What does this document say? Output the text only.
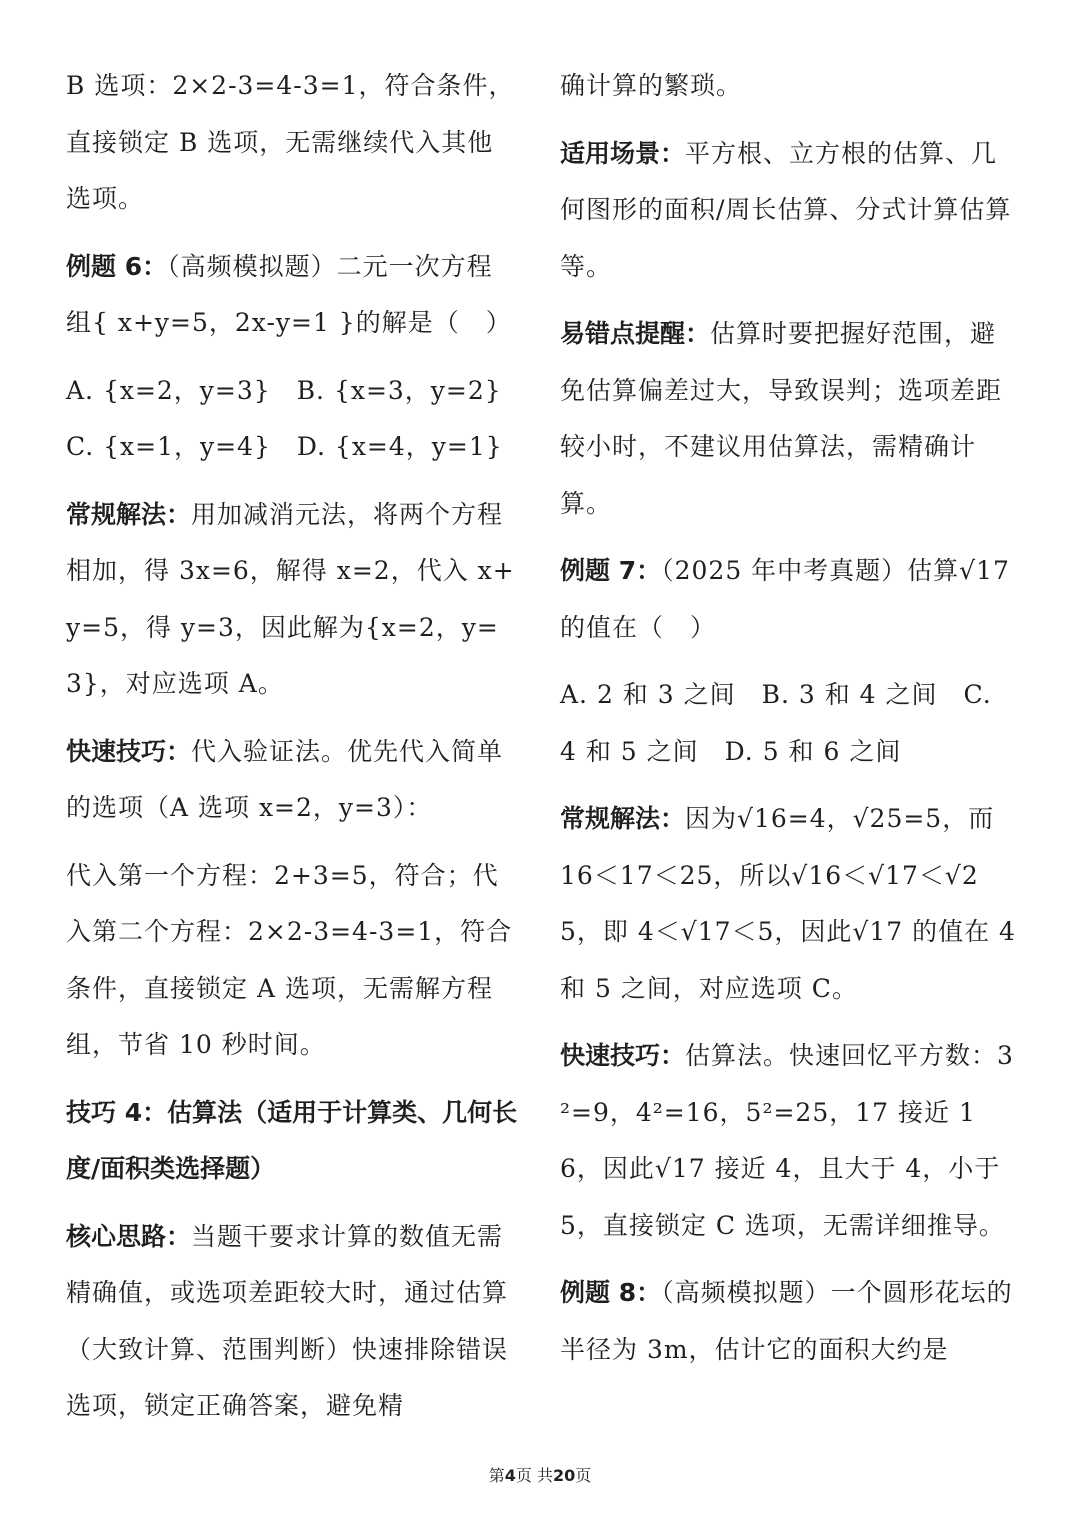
B 选项：2×2-3=4-3=1，符合条件，直接锁定 B 选项，无需继续代入其他选项。

例题 6：（高频模拟题）二元一次方程组{ x+y=5，2x-y=1 }的解是（　）

A. {x=2，y=3}　B. {x=3，y=2}　C. {x=1，y=4}　D. {x=4，y=1}

常规解法：用加减消元法，将两个方程相加，得 3x=6，解得 x=2，代入 x+y=5，得 y=3，因此解为{x=2，y=3}，对应选项 A。

快速技巧：代入验证法。优先代入简单的选项（A 选项 x=2，y=3）：

代入第一个方程：2+3=5，符合；代入第二个方程：2×2-3=4-3=1，符合条件，直接锁定 A 选项，无需解方程组，节省 10 秒时间。

技巧 4：估算法（适用于计算类、几何长度/面积类选择题）

核心思路：当题干要求计算的数值无需精确值，或选项差距较大时，通过估算（大致计算、范围判断）快速排除错误选项，锁定正确答案，避免精

确计算的繁琐。

适用场景：平方根、立方根的估算、几何图形的面积/周长估算、分式计算估算等。

易错点提醒：估算时要把握好范围，避免估算偏差过大，导致误判；选项差距较小时，不建议用估算法，需精确计算。

例题 7：（2025 年中考真题）估算√17 的值在（　）

A. 2 和 3 之间　B. 3 和 4 之间　C. 4 和 5 之间　D. 5 和 6 之间

常规解法：因为√16=4，√25=5，而 16＜17＜25，所以√16＜√17＜√25，即 4＜√17＜5，因此√17 的值在 4 和 5 之间，对应选项 C。

快速技巧：估算法。快速回忆平方数：3²=9，4²=16，5²=25，17 接近 16，因此√17 接近 4，且大于 4，小于 5，直接锁定 C 选项，无需详细推导。

例题 8：（高频模拟题）一个圆形花坛的半径为 3m，估计它的面积大约是

第4页 共20页
